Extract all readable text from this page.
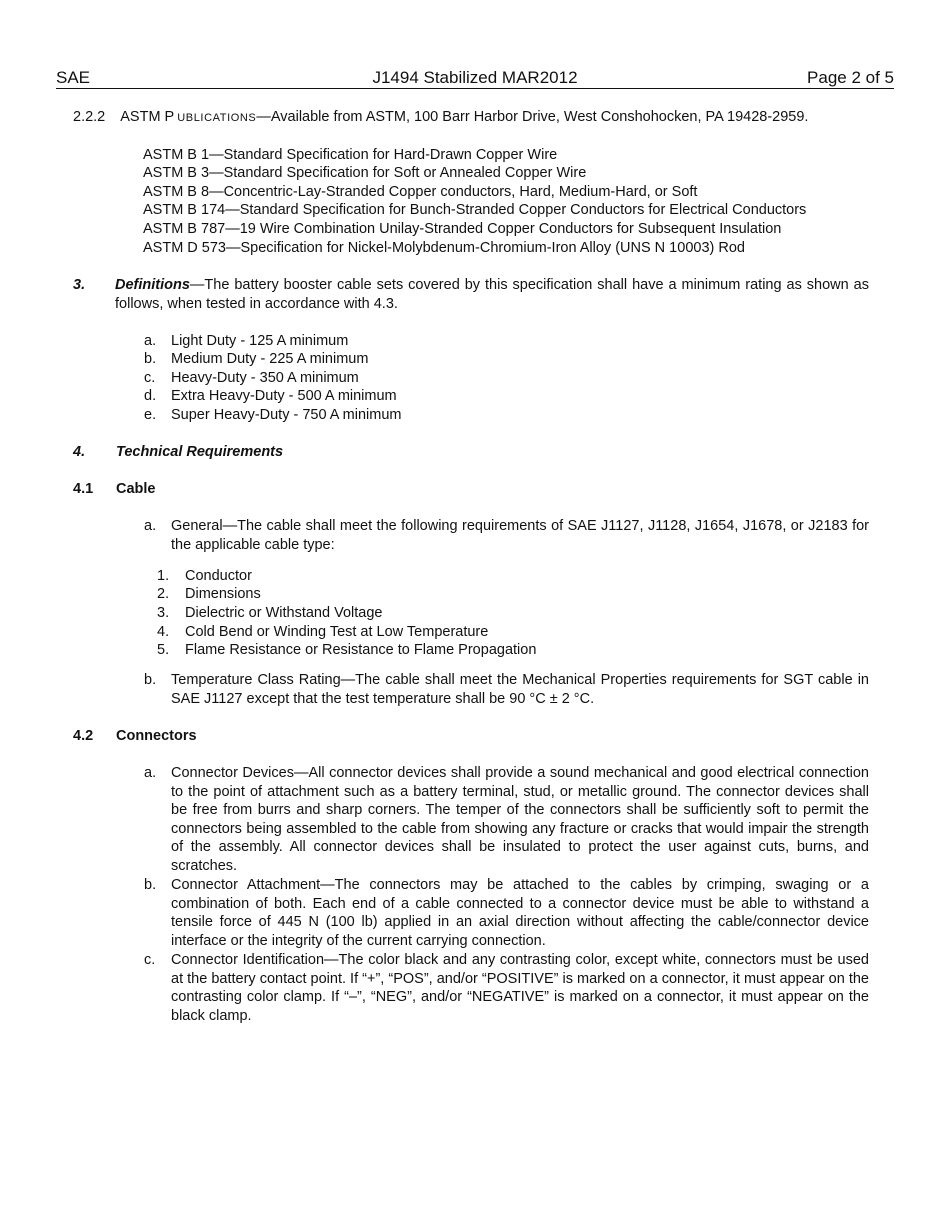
SAE	J1494 Stabilized MAR2012	Page 2 of 5
2.2.2 ASTM P UBLICATIONS—Available from ASTM, 100 Barr Harbor Drive, West Conshohocken, PA 19428-2959.
ASTM B 1—Standard Specification for Hard-Drawn Copper Wire
ASTM B 3—Standard Specification for Soft or Annealed Copper Wire
ASTM B 8—Concentric-Lay-Stranded Copper conductors, Hard, Medium-Hard, or Soft
ASTM B 174—Standard Specification for Bunch-Stranded Copper Conductors for Electrical Conductors
ASTM B 787—19 Wire Combination Unilay-Stranded Copper Conductors for Subsequent Insulation
ASTM D 573—Specification for Nickel-Molybdenum-Chromium-Iron Alloy (UNS N 10003) Rod
3. Definitions—The battery booster cable sets covered by this specification shall have a minimum rating as shown as follows, when tested in accordance with 4.3.
a. Light Duty - 125 A minimum
b. Medium Duty - 225 A minimum
c. Heavy-Duty - 350 A minimum
d. Extra Heavy-Duty - 500 A minimum
e. Super Heavy-Duty - 750 A minimum
4. Technical Requirements
4.1 Cable
a. General—The cable shall meet the following requirements of SAE J1127, J1128, J1654, J1678, or J2183 for the applicable cable type:
1. Conductor
2. Dimensions
3. Dielectric or Withstand Voltage
4. Cold Bend or Winding Test at Low Temperature
5. Flame Resistance or Resistance to Flame Propagation
b. Temperature Class Rating—The cable shall meet the Mechanical Properties requirements for SGT cable in SAE J1127 except that the test temperature shall be 90 °C ± 2 °C.
4.2 Connectors
a. Connector Devices—All connector devices shall provide a sound mechanical and good electrical connection to the point of attachment such as a battery terminal, stud, or metallic ground. The connector devices shall be free from burrs and sharp corners. The temper of the connectors shall be sufficiently soft to permit the connectors being assembled to the cable from showing any fracture or cracks that would impair the strength of the assembly. All connector devices shall be insulated to protect the user against cuts, burns, and scratches.
b. Connector Attachment—The connectors may be attached to the cables by crimping, swaging or a combination of both. Each end of a cable connected to a connector device must be able to withstand a tensile force of 445 N (100 lb) applied in an axial direction without affecting the cable/connector device interface or the integrity of the current carrying connection.
c. Connector Identification—The color black and any contrasting color, except white, connectors must be used at the battery contact point. If “+”, “POS”, and/or “POSITIVE” is marked on a connector, it must appear on the contrasting color clamp. If “–”, “NEG”, and/or “NEGATIVE” is marked on a connector, it must appear on the black clamp.
